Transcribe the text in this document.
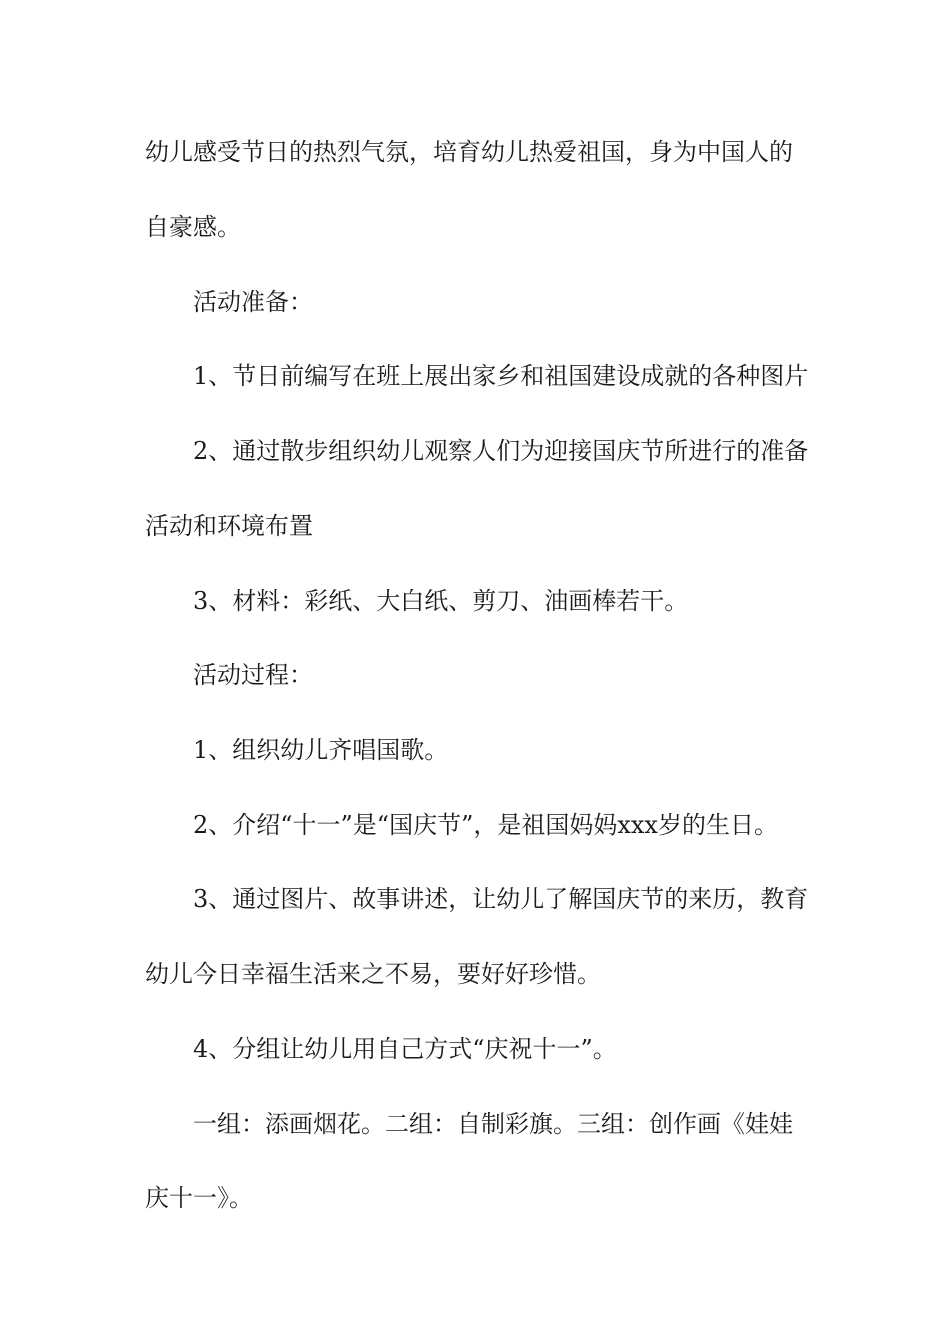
幼儿感受节日的热烈气氛，培育幼儿热爱祖国，身为中国人的
自豪感。
活动准备：
1、节日前编写在班上展出家乡和祖国建设成就的各种图片
2、通过散步组织幼儿观察人们为迎接国庆节所进行的准备
活动和环境布置
3、材料：彩纸、大白纸、剪刀、油画棒若干。
活动过程：
1、组织幼儿齐唱国歌。
2、介绍“十一”是“国庆节”，是祖国妈妈xxx岁的生日。
3、通过图片、故事讲述，让幼儿了解国庆节的来历，教育
幼儿今日幸福生活来之不易，要好好珍惜。
4、分组让幼儿用自己方式“庆祝十一”。
一组：添画烟花。二组：自制彩旗。三组：创作画《娃娃
庆十一》。
